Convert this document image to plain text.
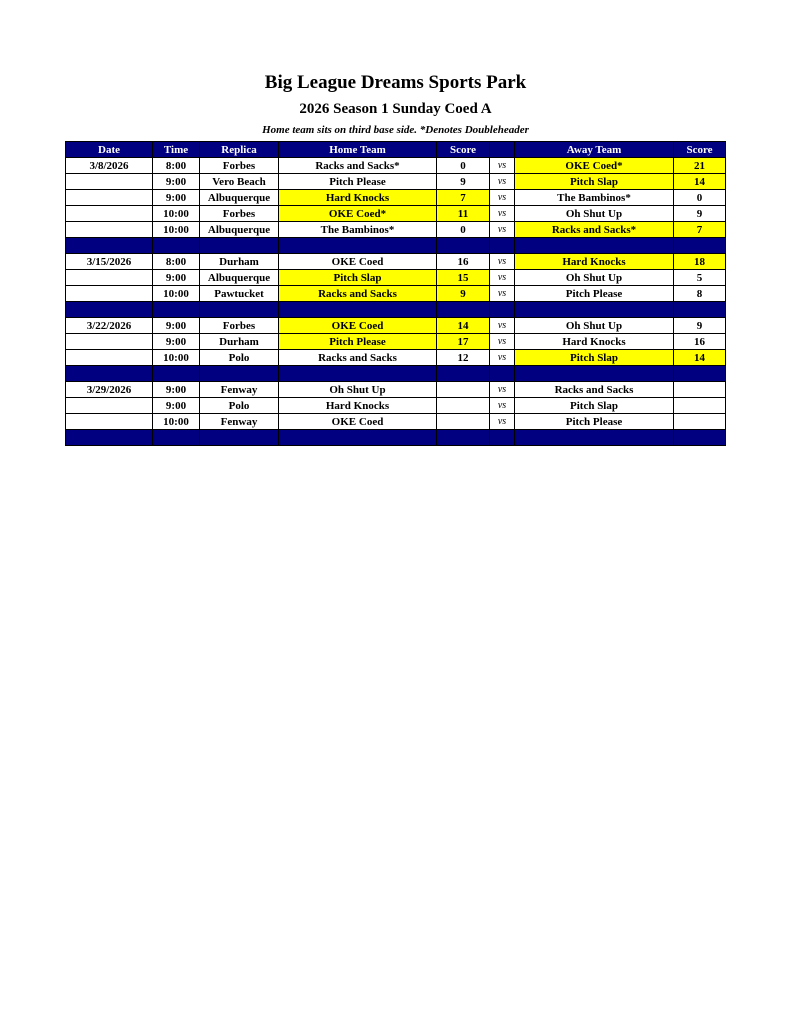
Big League Dreams Sports Park
2026 Season 1 Sunday Coed A
Home team sits on third base side. *Denotes Doubleheader
Date	Time	Replica	Home Team	Score		Away Team	Score
3/8/2026	8:00	Forbes	Racks and Sacks*	0	vs	OKE Coed*	21
	9:00	Vero Beach	Pitch Please	9	vs	Pitch Slap	14
	9:00	Albuquerque	Hard Knocks	7	vs	The Bambinos*	0
	10:00	Forbes	OKE Coed*	11	vs	Oh Shut Up	9
	10:00	Albuquerque	The Bambinos*	0	vs	Racks and Sacks*	7

3/15/2026	8:00	Durham	OKE Coed	16	vs	Hard Knocks	18
	9:00	Albuquerque	Pitch Slap	15	vs	Oh Shut Up	5
	10:00	Pawtucket	Racks and Sacks	9	vs	Pitch Please	8

3/22/2026	9:00	Forbes	OKE Coed	14	vs	Oh Shut Up	9
	9:00	Durham	Pitch Please	17	vs	Hard Knocks	16
	10:00	Polo	Racks and Sacks	12	vs	Pitch Slap	14

3/29/2026	9:00	Fenway	Oh Shut Up		vs	Racks and Sacks	
	9:00	Polo	Hard Knocks		vs	Pitch Slap	
	10:00	Fenway	OKE Coed		vs	Pitch Please	
